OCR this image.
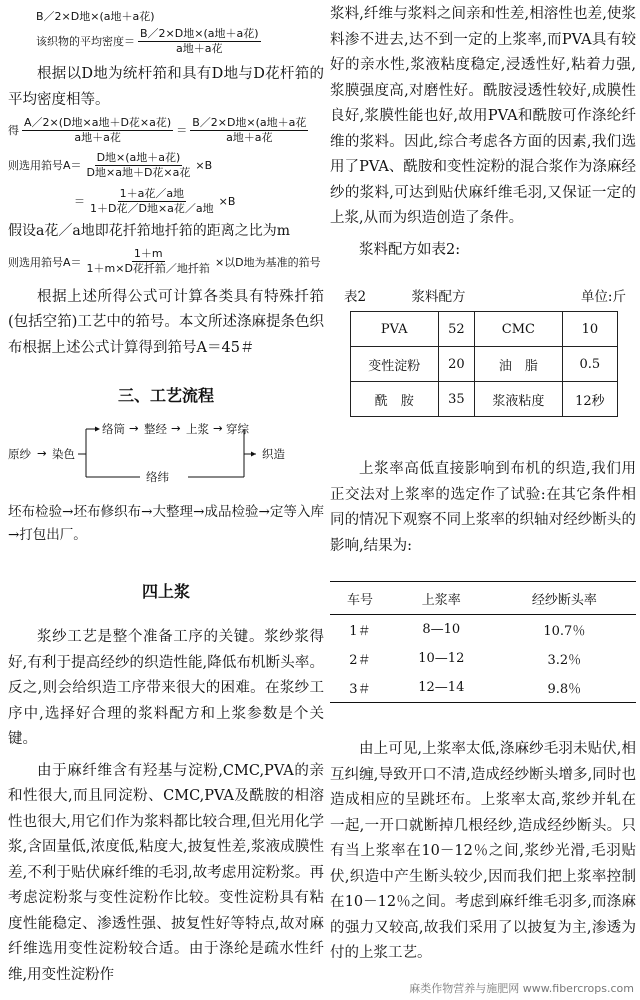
B／2×D地×(a地＋a花)
该织物的平均密度＝ $\frac{\text{B／2×D地×(a地＋a花)}}{\text{a地＋a花}}$

根据以D地为统杆筘和具有D地与D花杆筘的平均密度相等。

得 $\frac{\text{A／2×(D地×a地＋D花×a花)}}{\text{a地＋a花}} = \frac{\text{B／2×D地×(a地＋a花}}{\text{a地＋a花}}$
则选用筘号$A= \frac{\text{D地×(a地＋a花)}}{\text{D地×a地＋D花×a花}} \times B$
＝ $\frac{\text{1＋a花／a地}}{\text{1＋D花／D地×a花／a地}} \times B$

假设a花／a地即花扦筘地扦筘的距离之比为m

则选用筘号$A= \frac{1+m}{\text{1＋m×D花扦筘／地扦筘}}$ ×以D地为基准的筘号

根据上述所得公式可计算各类具有特殊扦筘(包括空筘)工艺中的筘号。本文所述涤麻提条色织布根据上述公式计算得到筘号A＝45＃

三、工艺流程

原纱 → 染色
络筒 → 整经 → 上浆 → 穿综
络纬
织造

坯布检验→坯布修织布→大整理→成品检验→定等入库→打包出厂。

四上浆

浆纱工艺是整个准备工序的关键。浆纱浆得好,有利于提高经纱的织造性能,降低布机断头率。反之,则会给织造工序带来很大的困难。在浆纱工序中,选择好合理的浆料配方和上浆参数是个关键。

由于麻纤维含有羟基与淀粉,CMC,PVA的亲和性很大,而且同淀粉、CMC,PVA及酰胺的相溶性也很大,用它们作为浆料都比较合理,但光用化学浆,含固量低,浓度低,粘度大,披复性差,浆液成膜性差,不利于贴伏麻纤维的毛羽,故考虑用淀粉浆。再考虑淀粉浆与变性淀粉作比较。变性淀粉具有粘度性能稳定、渗透性强、披复性好等特点,故对麻纤维选用变性淀粉较合适。由于涤纶是疏水性纤维,用变性淀粉作

浆料,纤维与浆料之间亲和性差,相溶性也差,使浆料渗不进去,达不到一定的上浆率,而PVA具有较好的亲水性,浆液粘度稳定,浸透性好,粘着力强,浆膜强度高,对磨性好。酰胺浸透性较好,成膜性良好,浆膜性能也好,故用PVA和酰胺可作涤纶纤维的浆料。因此,综合考虑各方面的因素,我们选用了PVA、酰胺和变性淀粉的混合浆作为涤麻经纱的浆料,可达到贴伏麻纤维毛羽,又保证一定的上浆,从而为织造创造了条件。

浆料配方如表2:

表2	浆料配方	单位:斤
PVA	52	CMC	10
变性淀粉	20	油　脂	0.5
酰　胺	35	浆液粘度	12秒

上浆率高低直接影响到布机的织造,我们用正交法对上浆率的选定作了试验:在其它条件相同的情况下观察不同上浆率的织轴对经纱断头的影响,结果为:

车号	上浆率	经纱断头率
1＃	8—10	10.7％
2＃	10—12	3.2％
3＃	12—14	9.8％

由上可见,上浆率太低,涤麻纱毛羽未贴伏,相互纠缠,导致开口不清,造成经纱断头增多,同时也造成相应的呈跳坯布。上浆率太高,浆纱并轧在一起,一开口就断掉几根经纱,造成经纱断头。只有当上浆率在10－12％之间,浆纱光滑,毛羽贴伏,织造中产生断头较少,因而我们把上浆率控制在10－12％之间。考虑到麻纤维毛羽多,而涤麻的强力又较高,故我们采用了以披复为主,渗透为付的上浆工艺。

麻类作物营养与施肥网 www.fibercrops.com
